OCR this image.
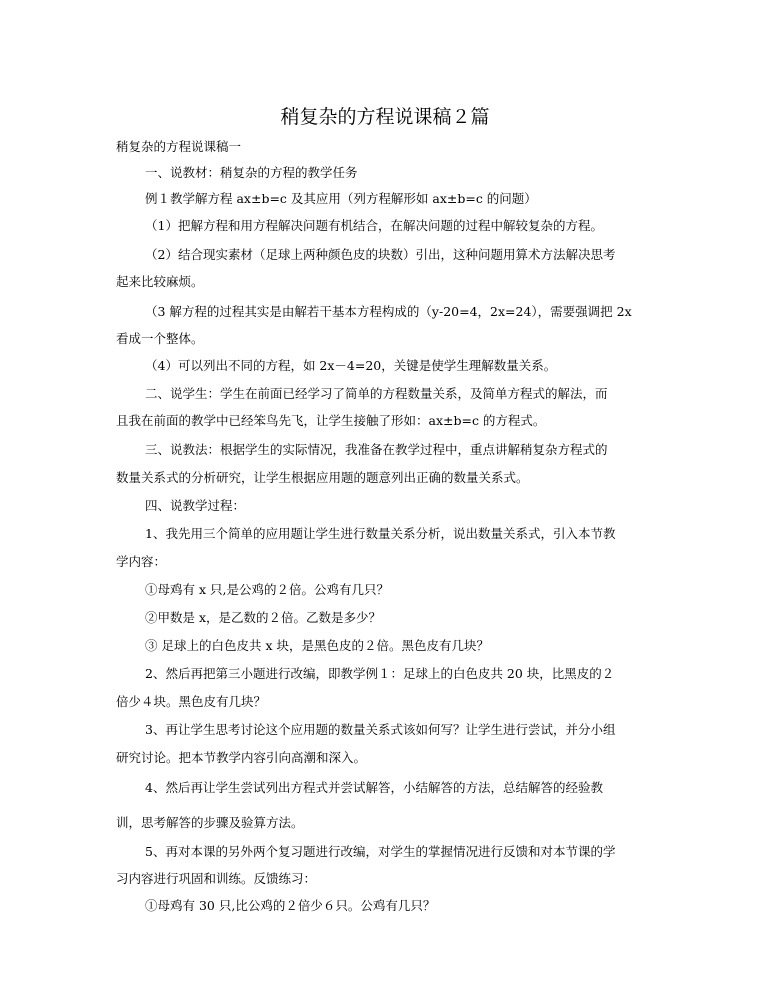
稍复杂的方程说课稿２篇
稍复杂的方程说课稿一
一、说教材：稍复杂的方程的教学任务
例１教学解方程 ax±b=c 及其应用（列方程解形如 ax±b=c 的问题）
（1）把解方程和用方程解决问题有机结合，在解决问题的过程中解较复杂的方程。
（2）结合现实素材（足球上两种颜色皮的块数）引出，这种问题用算术方法解决思考
起来比较麻烦。
（3 解方程的过程其实是由解若干基本方程构成的（y-20=4，2x=24），需要强调把 2x
看成一个整体。
（4）可以列出不同的方程，如 2x－4=20，关键是使学生理解数量关系。
二、说学生：学生在前面已经学习了简单的方程数量关系，及简单方程式的解法，而
且我在前面的教学中已经笨鸟先飞，让学生接触了形如：ax±b=c 的方程式。
三、说教法：根据学生的实际情况，我准备在教学过程中，重点讲解稍复杂方程式的
数量关系式的分析研究，让学生根据应用题的题意列出正确的数量关系式。
四、说教学过程：
1、我先用三个简单的应用题让学生进行数量关系分析，说出数量关系式，引入本节教
学内容：
①母鸡有 x 只,是公鸡的２倍。公鸡有几只？
②甲数是 x，是乙数的２倍。乙数是多少？
③ 足球上的白色皮共 x 块，是黑色皮的２倍。黑色皮有几块？
2、然后再把第三小题进行改编，即教学例１：足球上的白色皮共 20 块，比黑皮的２
倍少４块。黑色皮有几块？
3、再让学生思考讨论这个应用题的数量关系式该如何写？让学生进行尝试，并分小组
研究讨论。把本节教学内容引向高潮和深入。
4、然后再让学生尝试列出方程式并尝试解答，小结解答的方法，总结解答的经验教
训，思考解答的步骤及验算方法。
5、再对本课的另外两个复习题进行改编，对学生的掌握情况进行反馈和对本节课的学
习内容进行巩固和训练。反馈练习：
①母鸡有 30 只,比公鸡的２倍少６只。公鸡有几只？
